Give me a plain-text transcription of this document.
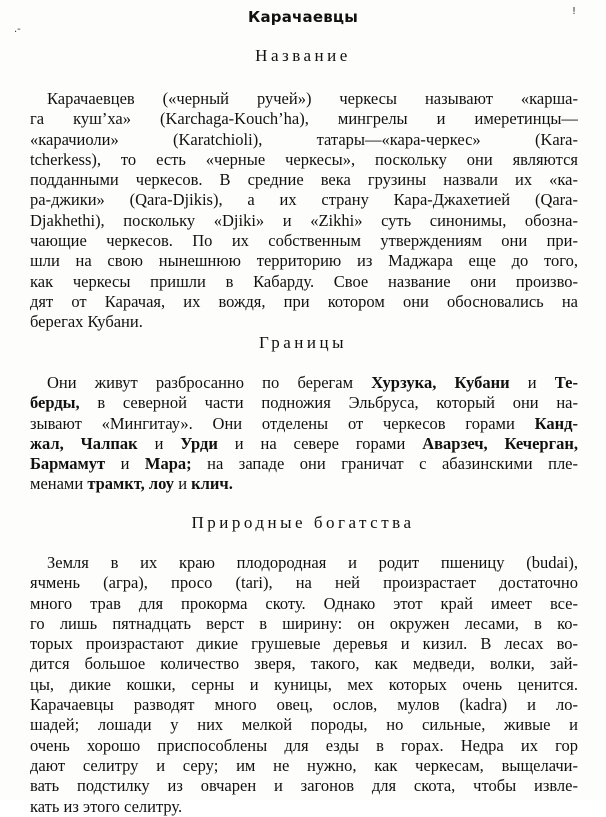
.-
!
Карачаевцы
Название
Карачаевцев («черный ручей») черкесы называют «карша-
га куш’ха» (Karchaga-Kouch’ha), мингрелы и имеретинцы—
«карачиоли» (Karatchioli), татары—«кара-черкес» (Kara-
tcherkess), то есть «черные черкесы», поскольку они являются
подданными черкесов. В средние века грузины назвали их «ка-
ра-джики» (Qara-Djikis), а их страну Кара-Джахетией (Qara-
Djakhethi), поскольку «Djiki» и «Zikhi» суть синонимы, обозна-
чающие черкесов. По их собственным утверждениям они при-
шли на свою нынешнюю территорию из Маджара еще до того,
как черкесы пришли в Кабарду. Свое название они произво-
дят от Карачая, их вождя, при котором они обосновались на
берегах Кубани.
Границы
Они живут разбросанно по берегам Хурзука, Кубани и Те-
берды, в северной части подножия Эльбруса, который они на-
зывают «Мингитау». Они отделены от черкесов горами Канд-
жал, Чалпак и Урди и на севере горами Аварзеч, Кечерган,
Бармамут и Мара; на западе они граничат с абазинскими пле-
менами трамкт, лоу и клич.
Природные богатства
Земля в их краю плодородная и родит пшеницу (budai),
ячмень (агра), просо (tari), на ней произрастает достаточно
много трав для прокорма скоту. Однако этот край имеет все-
го лишь пятнадцать верст в ширину: он окружен лесами, в ко-
торых произрастают дикие грушевые деревья и кизил. В лесах во-
дится большое количество зверя, такого, как медведи, волки, зай-
цы, дикие кошки, серны и куницы, мех которых очень ценится.
Карачаевцы разводят много овец, ослов, мулов (kadra) и ло-
шадей; лошади у них мелкой породы, но сильные, живые и
очень хорошо приспособлены для езды в горах. Недра их гор
дают селитру и серу; им не нужно, как черкесам, выщелачи-
вать подстилку из овчарен и загонов для скота, чтобы извле-
кать из этого селитру.
